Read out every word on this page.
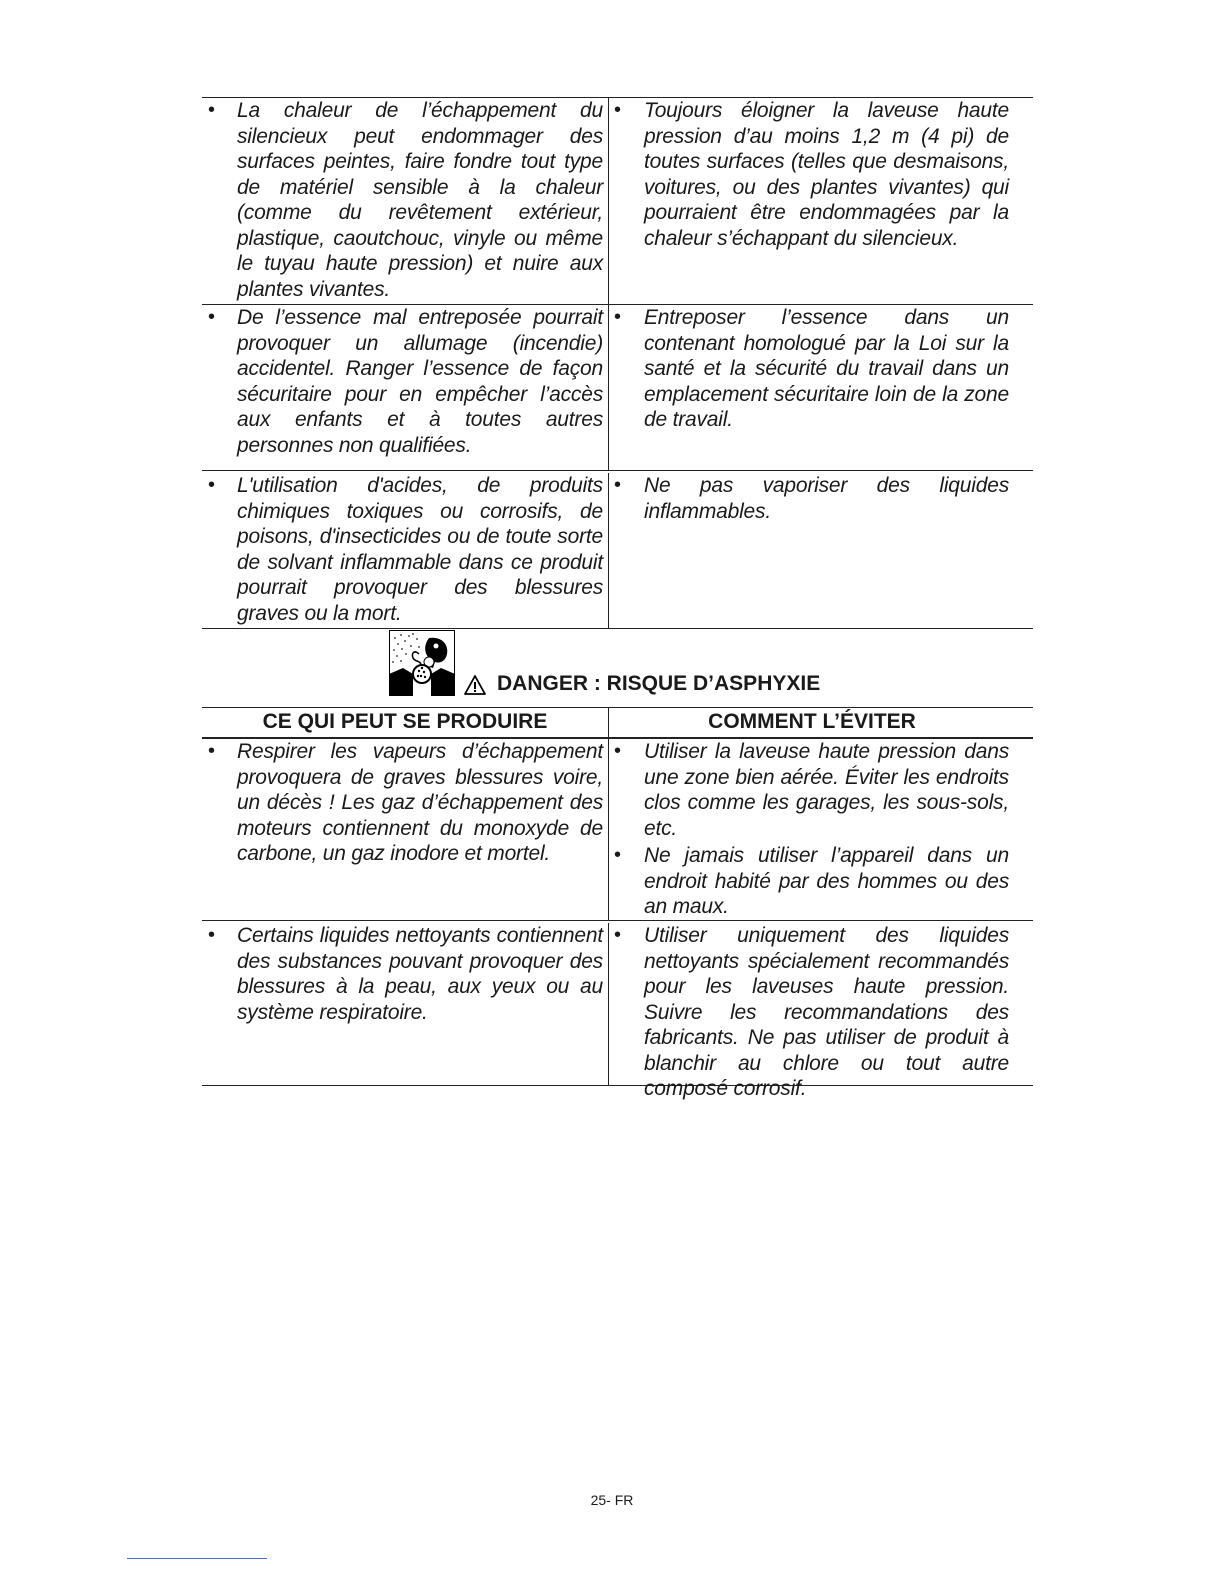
• La chaleur de l’échappement du silencieux peut endommager des surfaces peintes, faire fondre tout type de matériel sensible à la chaleur (comme du revêtement extérieur, plastique, caoutchouc, vinyle ou même le tuyau haute pression) et nuire aux plantes vivantes.
• Toujours éloigner la laveuse haute pression d’au moins 1,2 m (4 pi) de toutes surfaces (telles que desmaisons, voitures, ou des plantes vivantes) qui pourraient être endommagées par la chaleur s’échappant du silencieux.
• De l’essence mal entreposée pourrait provoquer un allumage (incendie) accidentel. Ranger l’essence de façon sécuritaire pour en empêcher l’accès aux enfants et à toutes autres personnes non qualifiées.
• Entreposer l’essence dans un contenant homologué par la Loi sur la santé et la sécurité du travail dans un emplacement sécuritaire loin de la zone de travail.
• L'utilisation d'acides, de produits chimiques toxiques ou corrosifs, de poisons, d'insecticides ou de toute sorte de solvant inflammable dans ce produit pourrait provoquer des blessures graves ou la mort.
• Ne pas vaporiser des liquides inflammables.
DANGER : RISQUE D’ASPHYXIE
CE QUI PEUT SE PRODUIRE	COMMENT L’ÉVITER
• Respirer les vapeurs d’échappement provoquera de graves blessures voire, un décès ! Les gaz d’échappement des moteurs contiennent du monoxyde de carbone, un gaz inodore et mortel.
• Utiliser la laveuse haute pression dans une zone bien aérée. Éviter les endroits clos comme les garages, les sous-sols, etc.
• Ne jamais utiliser l’appareil dans un endroit habité par des hommes ou des an maux.
• Certains liquides nettoyants contiennent des substances pouvant provoquer des blessures à la peau, aux yeux ou au système respiratoire.
• Utiliser uniquement des liquides nettoyants spécialement recommandés pour les laveuses haute pression. Suivre les recommandations des fabricants. Ne pas utiliser de produit à blanchir au chlore ou tout autre composé corrosif.
25- FR
